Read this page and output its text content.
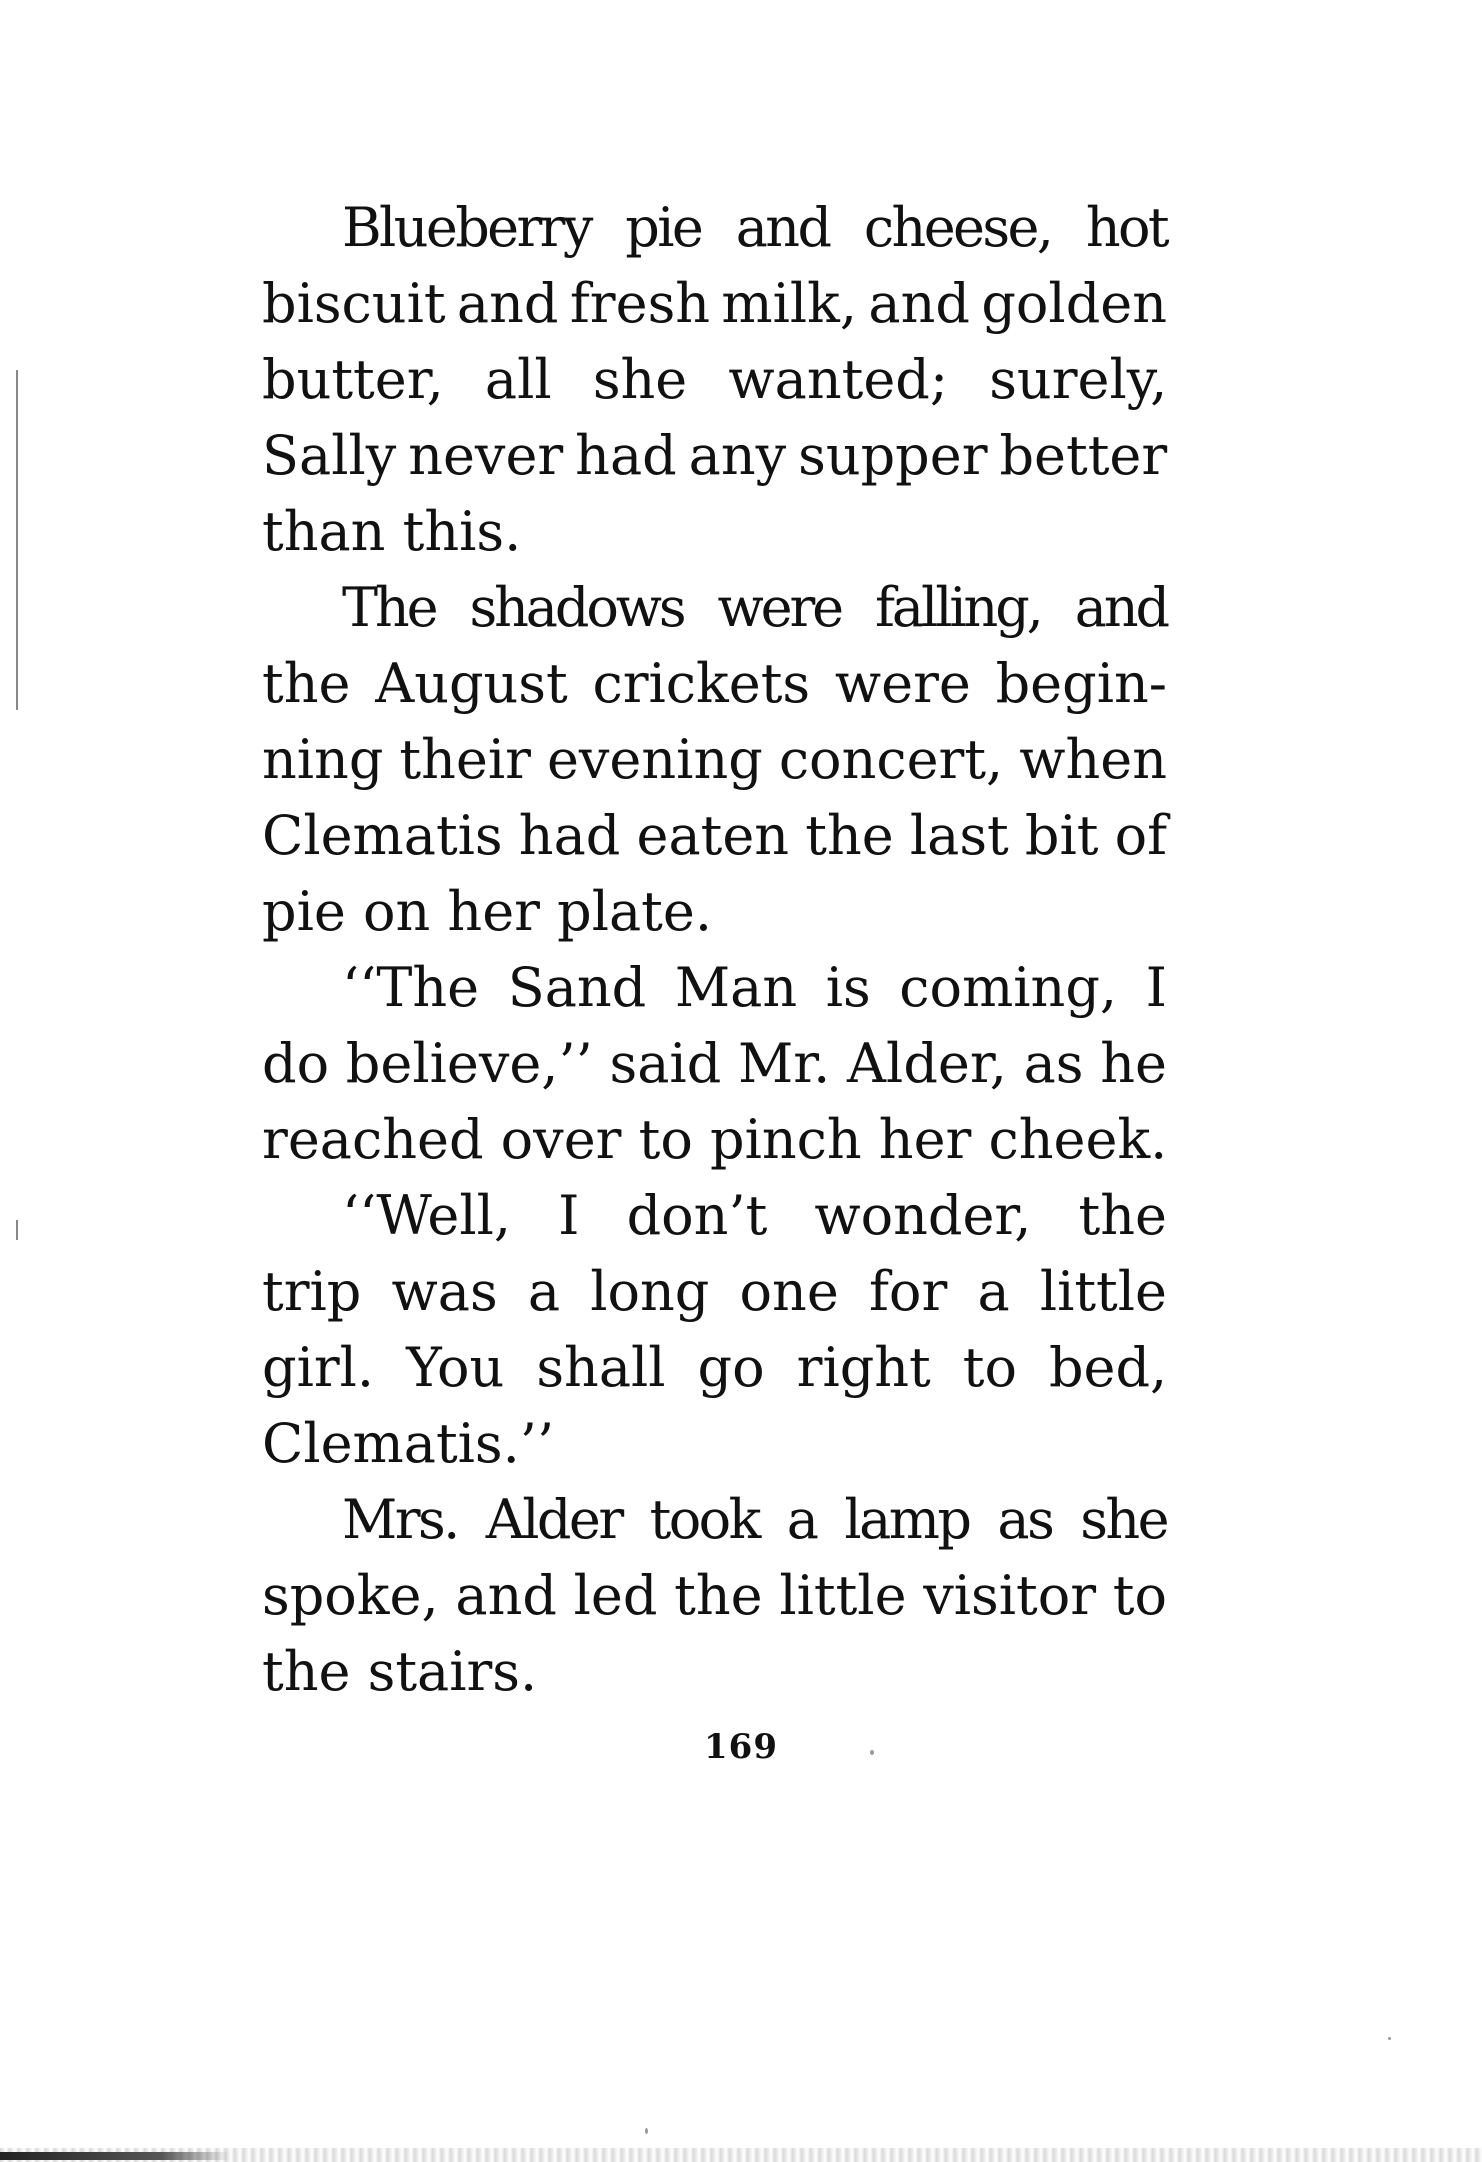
Blueberry pie and cheese, hot
biscuit and fresh milk, and golden
butter, all she wanted; surely,
Sally never had any supper better
than this.
The shadows were falling, and
the August crickets were begin-
ning their evening concert, when
Clematis had eaten the last bit of
pie on her plate.
‘‘The Sand Man is coming, I
do believe,’’ said Mr. Alder, as he
reached over to pinch her cheek.
‘‘Well, I don’t wonder, the
trip was a long one for a little
girl. You shall go right to bed,
Clematis.’’
Mrs. Alder took a lamp as she
spoke, and led the little visitor to
the stairs.
169
